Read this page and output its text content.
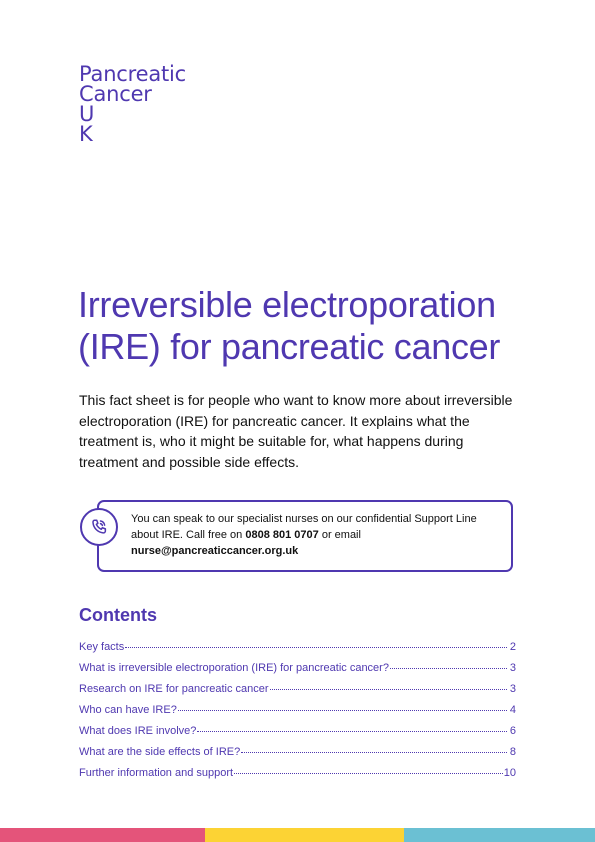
Pancreatic
Cancer
U
K
Irreversible electroporation
(IRE) for pancreatic cancer
This fact sheet is for people who want to know more about irreversible electroporation (IRE) for pancreatic cancer. It explains what the treatment is, who it might be suitable for, what happens during treatment and possible side effects.
You can speak to our specialist nurses on our confidential Support Line about IRE. Call free on 0808 801 0707 or email nurse@pancreaticcancer.org.uk
Contents
Key facts	2
What is irreversible electroporation (IRE) for pancreatic cancer?	3
Research on IRE for pancreatic cancer	3
Who can have IRE?	4
What does IRE involve?	6
What are the side effects of IRE?	8
Further information and support	10
